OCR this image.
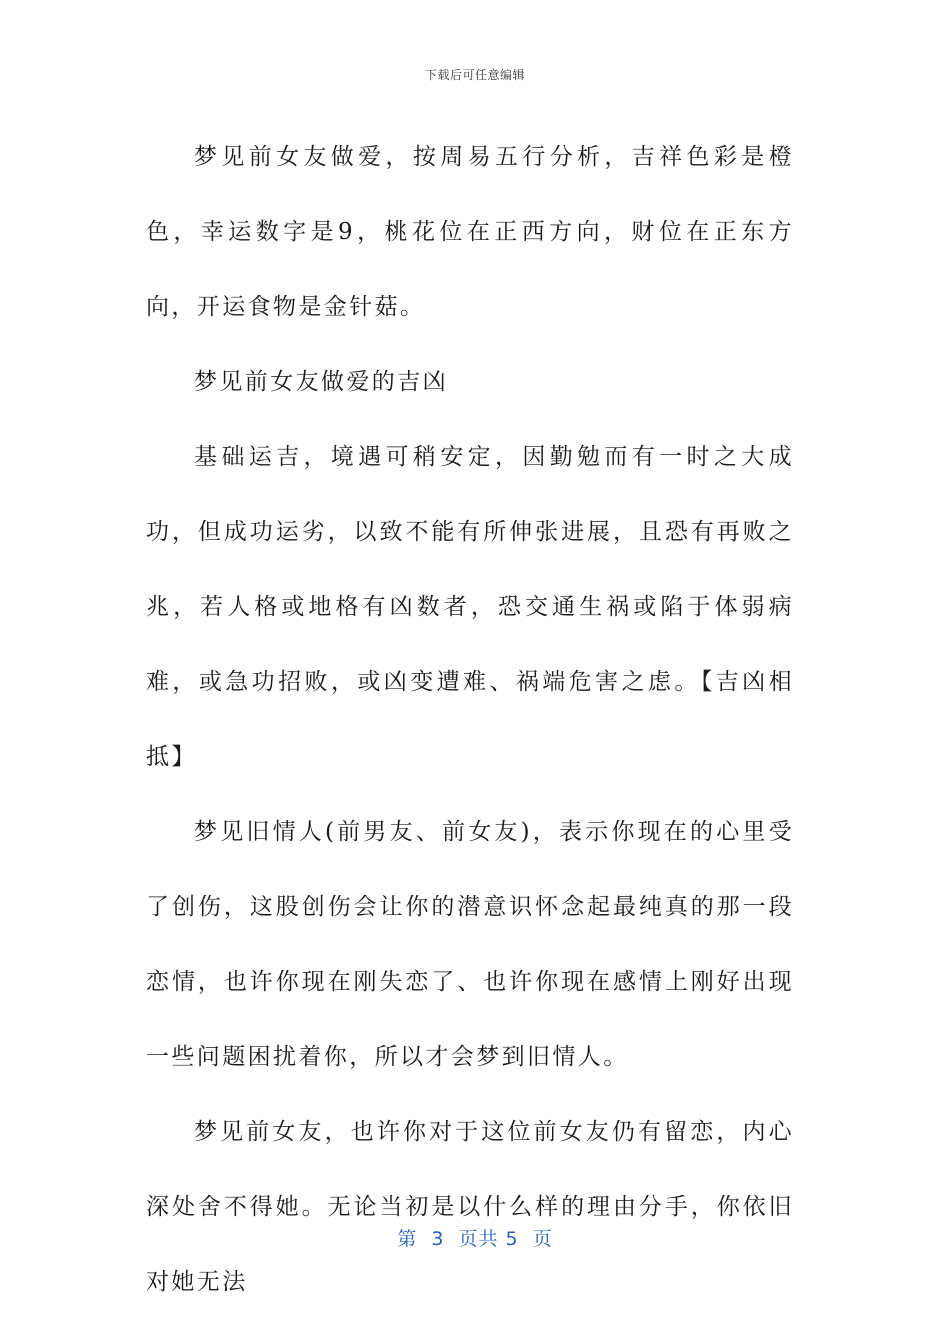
下载后可任意编辑

梦见前女友做爱，按周易五行分析，吉祥色彩是橙色，幸运数字是9，桃花位在正西方向，财位在正东方向，开运食物是金针菇。

梦见前女友做爱的吉凶

基础运吉，境遇可稍安定，因勤勉而有一时之大成功，但成功运劣，以致不能有所伸张进展，且恐有再败之兆，若人格或地格有凶数者，恐交通生祸或陷于体弱病难，或急功招败，或凶变遭难、祸端危害之虑。【吉凶相抵】

梦见旧情人(前男友、前女友)，表示你现在的心里受了创伤，这股创伤会让你的潜意识怀念起最纯真的那一段恋情，也许你现在刚失恋了、也许你现在感情上刚好出现一些问题困扰着你，所以才会梦到旧情人。

梦见前女友，也许你对于这位前女友仍有留恋，内心深处舍不得她。无论当初是以什么样的理由分手，你依旧对她无法

第  3  页共 5  页
